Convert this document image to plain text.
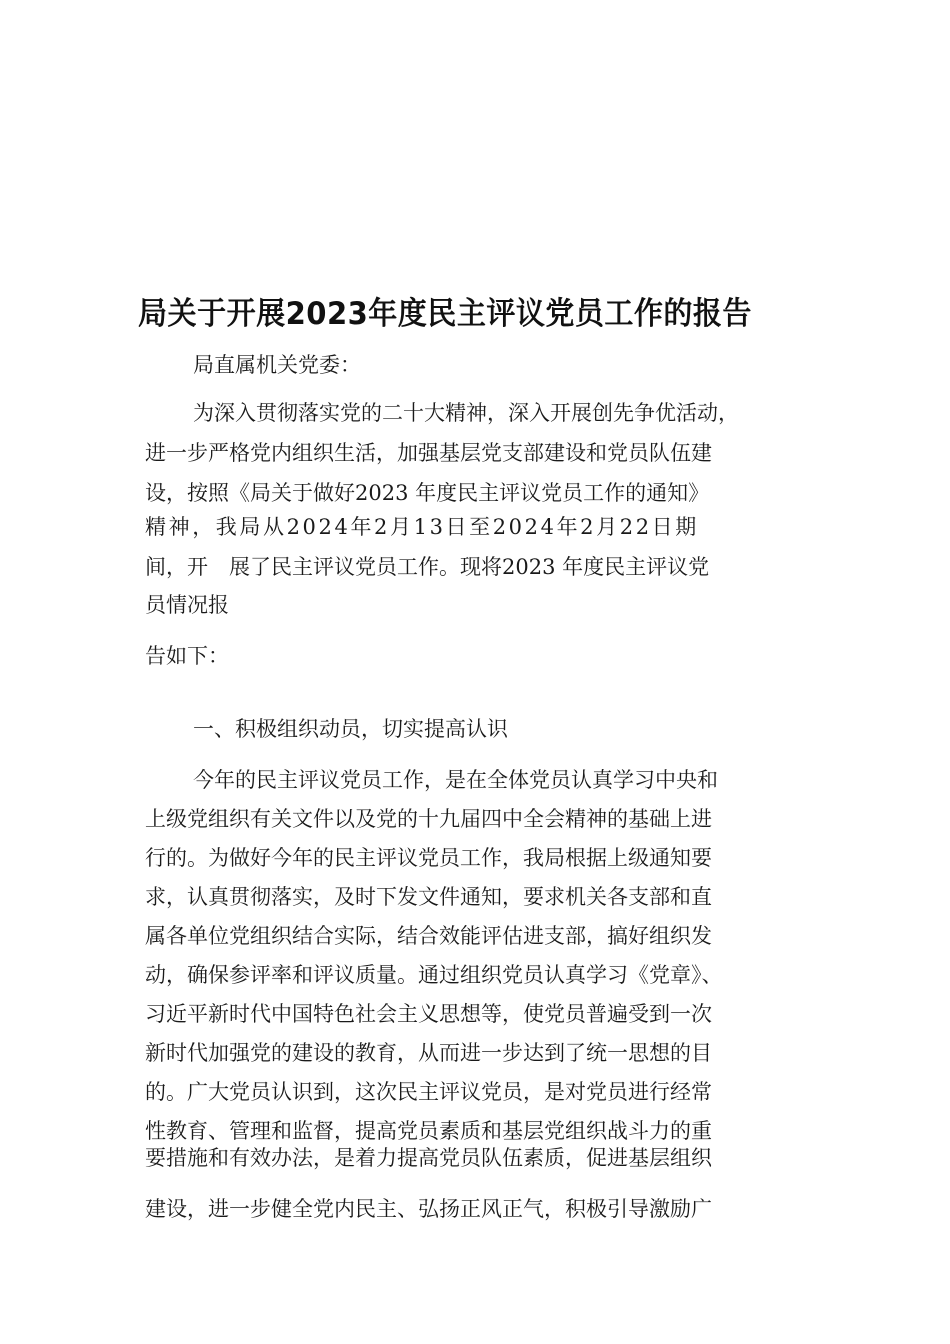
局关于开展2023年度民主评议党员工作的报告
局直属机关党委：
为深入贯彻落实党的二十大精神，深入开展创先争优活动，
进一步严格党内组织生活，加强基层党支部建设和党员队伍建
设，按照《局关于做好2023 年度民主评议党员工作的通知》
精神，我局从2024年2月13日至2024年2月22日期
间，开　展了民主评议党员工作。现将2023 年度民主评议党
员情况报
告如下：
一、积极组织动员，切实提高认识
今年的民主评议党员工作，是在全体党员认真学习中央和
上级党组织有关文件以及党的十九届四中全会精神的基础上进
行的。为做好今年的民主评议党员工作，我局根据上级通知要
求，认真贯彻落实，及时下发文件通知，要求机关各支部和直
属各单位党组织结合实际，结合效能评估进支部，搞好组织发
动，确保参评率和评议质量。通过组织党员认真学习《党章》、
习近平新时代中国特色社会主义思想等，使党员普遍受到一次
新时代加强党的建设的教育，从而进一步达到了统一思想的目
的。广大党员认识到，这次民主评议党员，是对党员进行经常
性教育、管理和监督，提高党员素质和基层党组织战斗力的重
要措施和有效办法，是着力提高党员队伍素质，促进基层组织
建设，进一步健全党内民主、弘扬正风正气，积极引导激励广
